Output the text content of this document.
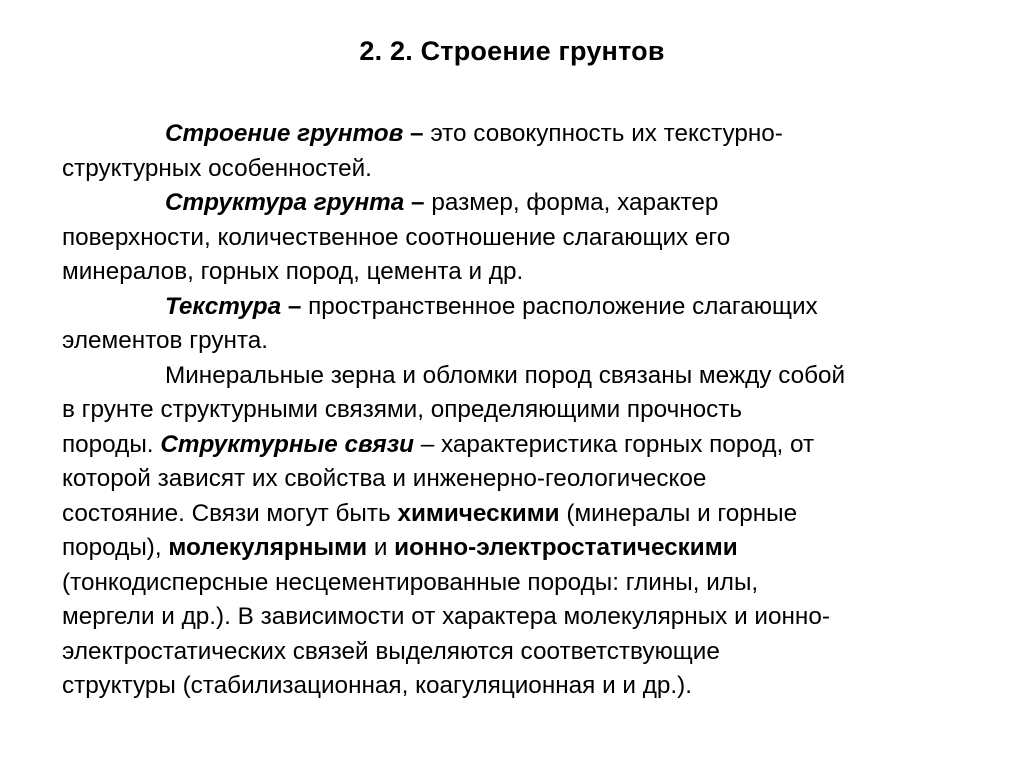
2. 2. Строение грунтов
Строение грунтов – это совокупность их текстурно-
структурных особенностей.
Структура грунта – размер, форма, характер
поверхности, количественное соотношение слагающих его
минералов, горных пород, цемента и др.
Текстура – пространственное расположение слагающих
элементов грунта.
Минеральные зерна и обломки пород связаны между собой
в грунте структурными связями, определяющими прочность
породы. Структурные связи – характеристика горных пород, от
которой зависят их свойства и инженерно-геологическое
состояние. Связи могут быть химическими (минералы и горные
породы), молекулярными и ионно-электростатическими
(тонкодисперсные несцементированные породы: глины, илы,
мергели и др.). В зависимости от характера молекулярных и ионно-
электростатических связей выделяются соответствующие
структуры (стабилизационная, коагуляционная и и др.).
